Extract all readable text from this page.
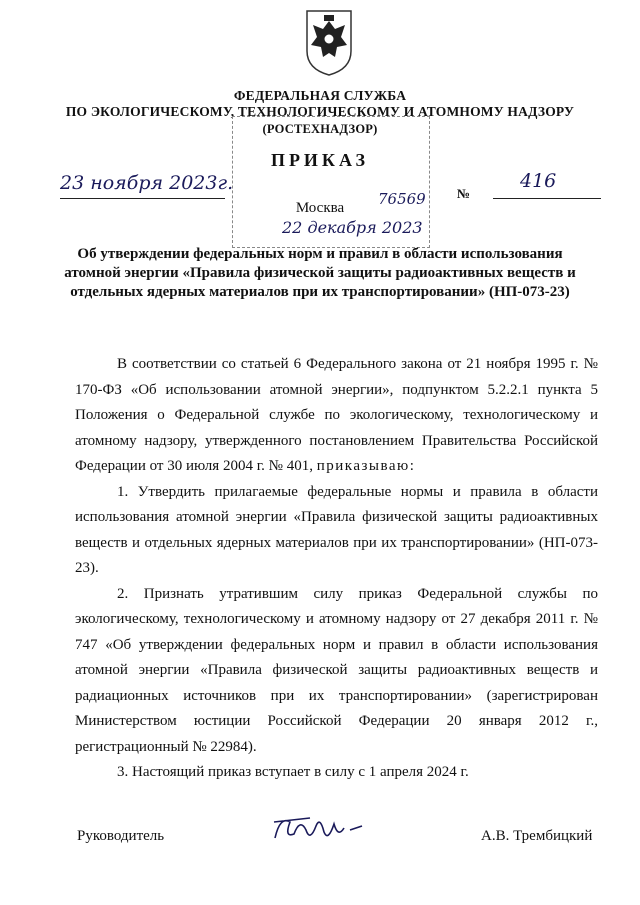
ФЕДЕРАЛЬНАЯ СЛУЖБА
ПО ЭКОЛОГИЧЕСКОМУ, ТЕХНОЛОГИЧЕСКОМУ И АТОМНОМУ НАДЗОРУ
(РОСТЕХНАДЗОР)
ПРИКАЗ
23 ноября 2023г.
Москва	76569
22 декабря 2023
№
416
Об утверждении федеральных норм и правил в области использования атомной энергии «Правила физической защиты радиоактивных веществ и отдельных ядерных материалов при их транспортировании» (НП-073-23)

В соответствии со статьей 6 Федерального закона от 21 ноября 1995 г. № 170-ФЗ «Об использовании атомной энергии», подпунктом 5.2.2.1 пункта 5 Положения о Федеральной службе по экологическому, технологическому и атомному надзору, утвержденного постановлением Правительства Российской Федерации от 30 июля 2004 г. № 401, приказываю:

1. Утвердить прилагаемые федеральные нормы и правила в области использования атомной энергии «Правила физической защиты радиоактивных веществ и отдельных ядерных материалов при их транспортировании» (НП-073-23).

2. Признать утратившим силу приказ Федеральной службы по экологическому, технологическому и атомному надзору от 27 декабря 2011 г. № 747 «Об утверждении федеральных норм и правил в области использования атомной энергии «Правила физической защиты радиоактивных веществ и радиационных источников при их транспортировании» (зарегистрирован Министерством юстиции Российской Федерации 20 января 2012 г., регистрационный № 22984).

3. Настоящий приказ вступает в силу с 1 апреля 2024 г.

Руководитель	А.В. Трембицкий
